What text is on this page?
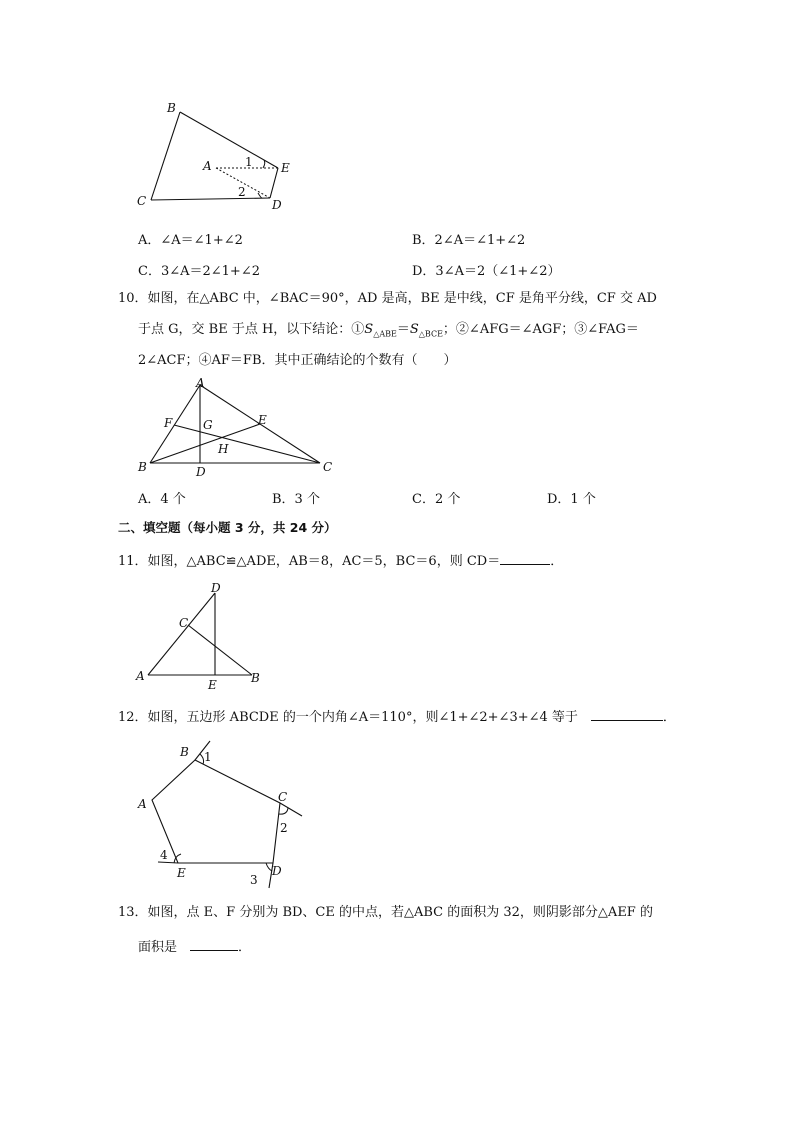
B
A	E
C	D
1
2
A．∠A＝∠1+∠2	B．2∠A＝∠1+∠2
C．3∠A＝2∠1+∠2	D．3∠A＝2（∠1+∠2）
10．如图，在△ABC 中，∠BAC＝90°，AD 是高，BE 是中线，CF 是角平分线，CF 交 AD
于点 G，交 BE 于点 H，以下结论：$①S_{\triangle ABE}=S_{\triangle BCE}$；②∠AFG＝∠AGF；③∠FAG＝
2∠ACF；④AF＝FB．其中正确结论的个数有（　　）
A
F	G	E
H
B	D	C
A．4 个	B．3 个	C．2 个	D．1 个
二、填空题（每小题 3 分，共 24 分）
11．如图，△ABC≌△ADE，AB＝8，AC＝5，BC＝6，则 CD＝	．
D
C
A
E	B
12．如图，五边形 ABCDE 的一个内角∠A＝110°，则∠1+∠2+∠3+∠4 等于 	．
B 1
A	C
2
4
E	3
D
13．如图，点 E、F 分别为 BD、CE 的中点，若△ABC 的面积为 32，则阴影部分△AEF 的
面积是 	．
